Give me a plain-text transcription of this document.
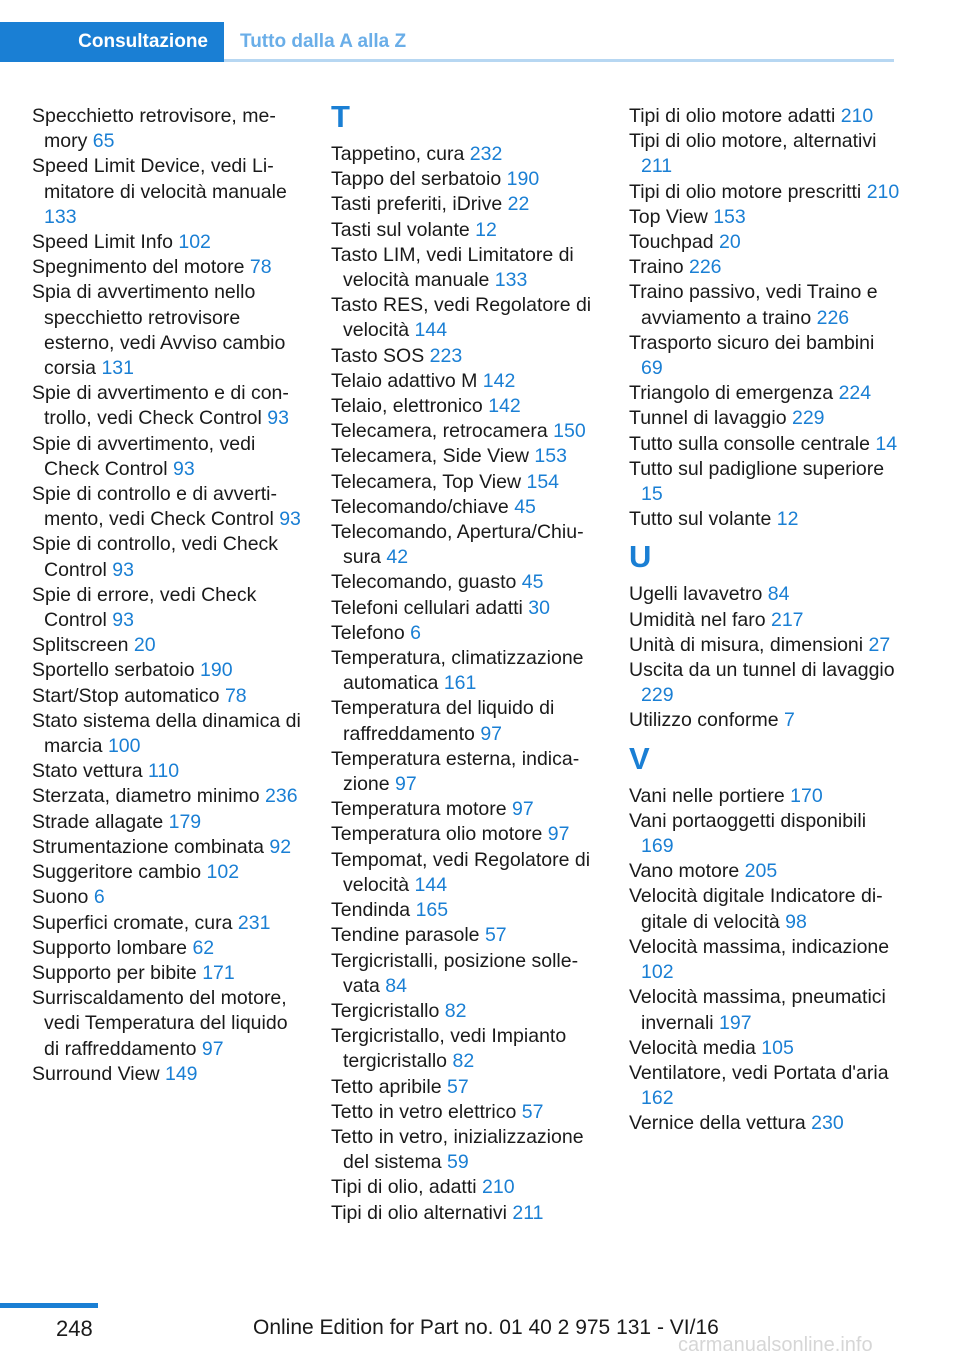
Consultazione	Tutto dalla A alla Z
Specchietto retrovisore, memory 65
Speed Limit Device, vedi Limitatore di velocità manuale 133
Speed Limit Info 102
Spegnimento del motore 78
Spia di avvertimento nello specchietto retrovisore esterno, vedi Avviso cambio corsia 131
Spie di avvertimento e di controllo, vedi Check Control 93
Spie di avvertimento, vedi Check Control 93
Spie di controllo e di avvertimento, vedi Check Control 93
Spie di controllo, vedi Check Control 93
Spie di errore, vedi Check Control 93
Splitscreen 20
Sportello serbatoio 190
Start/Stop automatico 78
Stato sistema della dinamica di marcia 100
Stato vettura 110
Sterzata, diametro minimo 236
Strade allagate 179
Strumentazione combinata 92
Suggeritore cambio 102
Suono 6
Superfici cromate, cura 231
Supporto lombare 62
Supporto per bibite 171
Surriscaldamento del motore, vedi Temperatura del liquido di raffreddamento 97
Surround View 149
T
Tappetino, cura 232
Tappo del serbatoio 190
Tasti preferiti, iDrive 22
Tasti sul volante 12
Tasto LIM, vedi Limitatore di velocità manuale 133
Tasto RES, vedi Regolatore di velocità 144
Tasto SOS 223
Telaio adattivo M 142
Telaio, elettronico 142
Telecamera, retrocamera 150
Telecamera, Side View 153
Telecamera, Top View 154
Telecomando/chiave 45
Telecomando, Apertura/Chiusura 42
Telecomando, guasto 45
Telefoni cellulari adatti 30
Telefono 6
Temperatura, climatizzazione automatica 161
Temperatura del liquido di raffreddamento 97
Temperatura esterna, indicazione 97
Temperatura motore 97
Temperatura olio motore 97
Tempomat, vedi Regolatore di velocità 144
Tendinda 165
Tendine parasole 57
Tergicristalli, posizione sollevata 84
Tergicristallo 82
Tergicristallo, vedi Impianto tergicristallo 82
Tetto apribile 57
Tetto in vetro elettrico 57
Tetto in vetro, inizializzazione del sistema 59
Tipi di olio, adatti 210
Tipi di olio alternativi 211
Tipi di olio motore adatti 210
Tipi di olio motore, alternativi 211
Tipi di olio motore prescritti 210
Top View 153
Touchpad 20
Traino 226
Traino passivo, vedi Traino e avviamento a traino 226
Trasporto sicuro dei bambini 69
Triangolo di emergenza 224
Tunnel di lavaggio 229
Tutto sulla consolle centrale 14
Tutto sul padiglione superiore 15
Tutto sul volante 12
U
Ugelli lavavetro 84
Umidità nel faro 217
Unità di misura, dimensioni 27
Uscita da un tunnel di lavaggio 229
Utilizzo conforme 7
V
Vani nelle portiere 170
Vani portaoggetti disponibili 169
Vano motore 205
Velocità digitale Indicatore digitale di velocità 98
Velocità massima, indicazione 102
Velocità massima, pneumatici invernali 197
Velocità media 105
Ventilatore, vedi Portata d'aria 162
Vernice della vettura 230
248	Online Edition for Part no. 01 40 2 975 131 - VI/16
carmanualsonline.info
